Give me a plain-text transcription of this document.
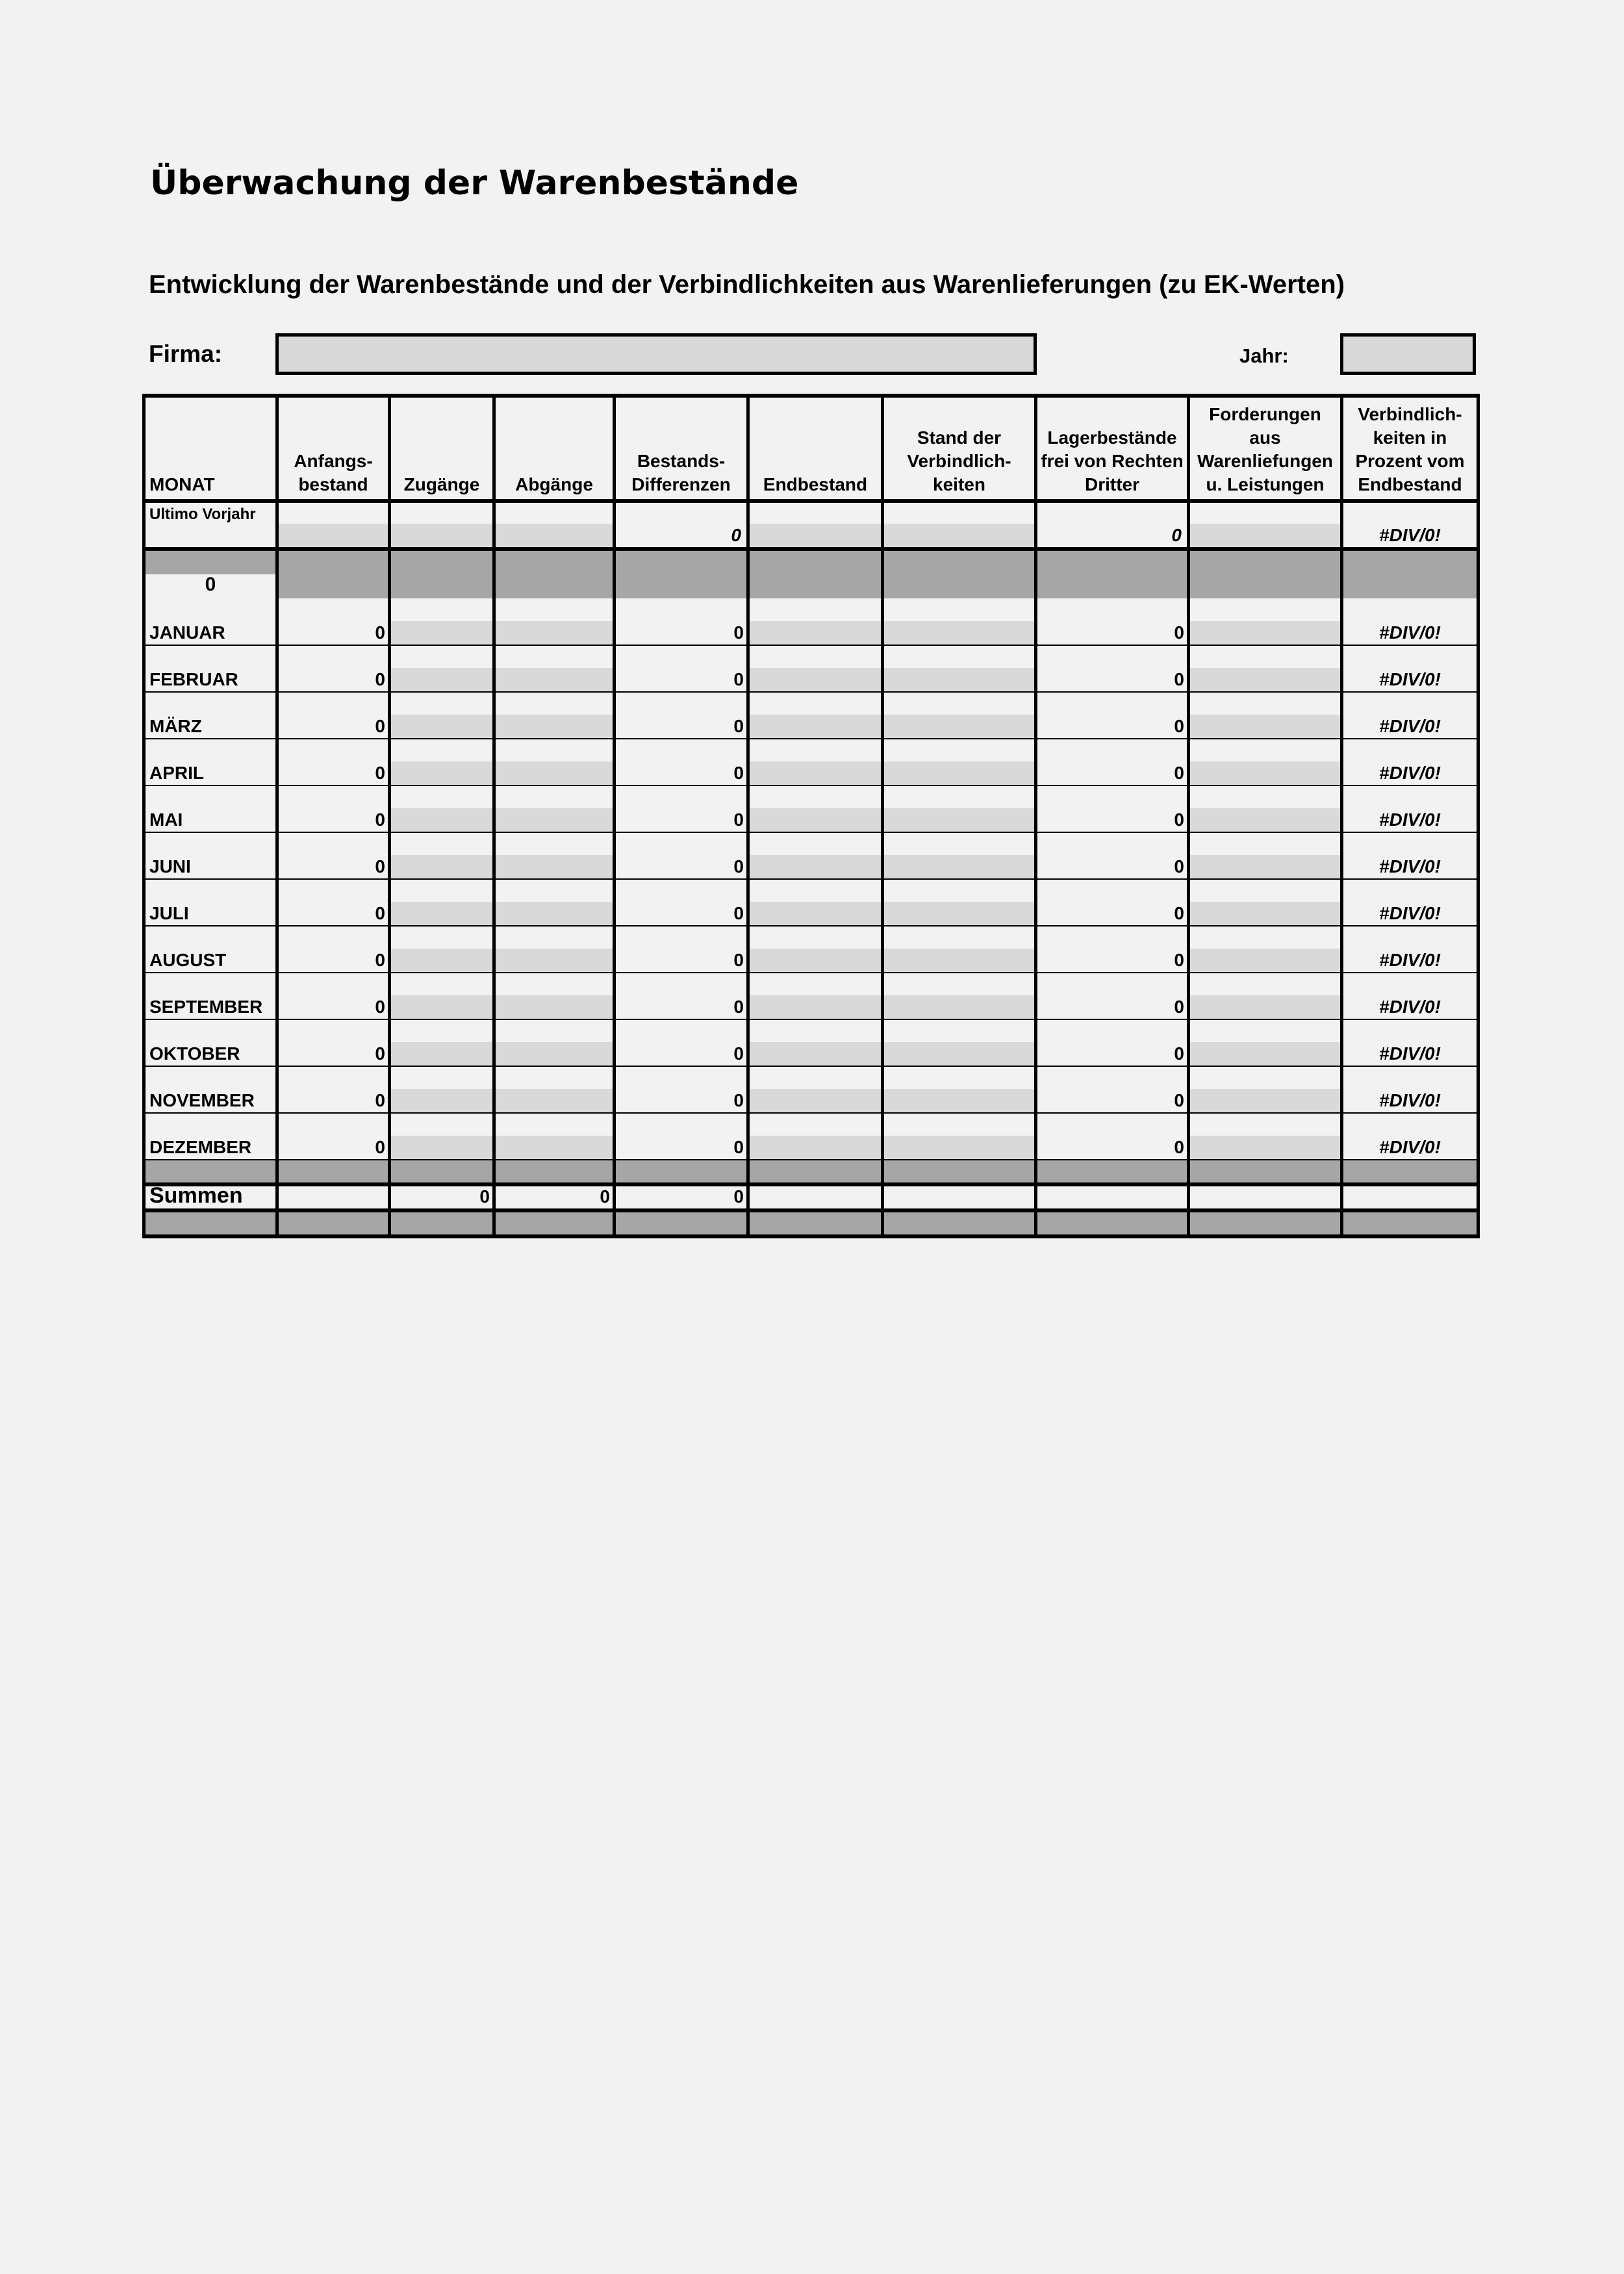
Überwachung der Warenbestände
Entwicklung der Warenbestände und der Verbindlichkeiten aus Warenlieferungen (zu EK-Werten)
Firma:	Jahr:
MONAT	Anfangs-
bestand	Zugänge	Abgänge	Bestands-
Differenzen	Endbestand	Stand der
Verbindlich-
keiten	Lagerbestände
frei von Rechten
Dritter	Forderungen
aus
Warenliefungen
u. Leistungen	Verbindlich-
keiten in
Prozent vom
Endbestand

Ultimo Vorjahr				0			0		#DIV/0!

0									

JANUAR	0			0			0		#DIV/0!

FEBRUAR	0			0			0		#DIV/0!

MÄRZ	0			0			0		#DIV/0!

APRIL	0			0			0		#DIV/0!

MAI	0			0			0		#DIV/0!

JUNI	0			0			0		#DIV/0!

JULI	0			0			0		#DIV/0!

AUGUST	0			0			0		#DIV/0!

SEPTEMBER	0			0			0		#DIV/0!

OKTOBER	0			0			0		#DIV/0!

NOVEMBER	0			0			0		#DIV/0!

DEZEMBER	0			0			0		#DIV/0!

Summen		0	0	0					
